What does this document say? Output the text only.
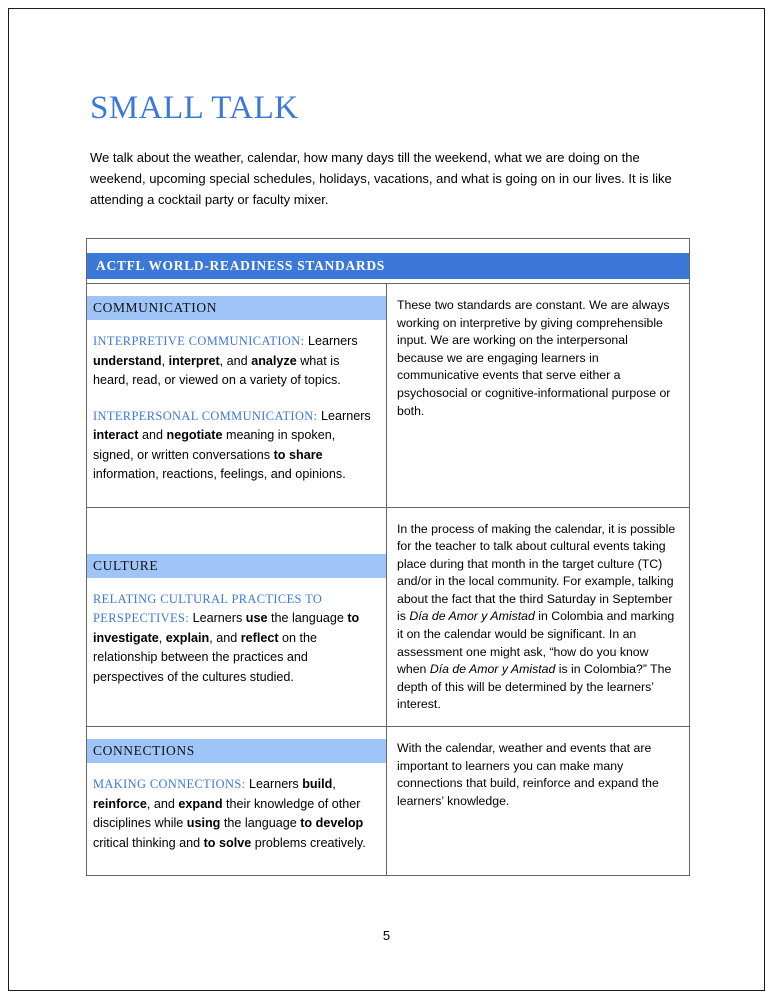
SMALL TALK

We talk about the weather, calendar, how many days till the weekend, what we are doing on the weekend, upcoming special schedules, holidays, vacations, and what is going on in our lives. It is like attending a cocktail party or faculty mixer.

ACTFL WORLD-READINESS STANDARDS
COMMUNICATION

INTERPRETIVE COMMUNICATION: Learners understand, interpret, and analyze what is heard, read, or viewed on a variety of topics.

INTERPERSONAL COMMUNICATION: Learners interact and negotiate meaning in spoken, signed, or written conversations to share information, reactions, feelings, and opinions.

These two standards are constant. We are always working on interpretive by giving comprehensible input. We are working on the interpersonal because we are engaging learners in communicative events that serve either a psychosocial or cognitive-informational purpose or both.

CULTURE

RELATING CULTURAL PRACTICES TO PERSPECTIVES: Learners use the language to investigate, explain, and reflect on the relationship between the practices and perspectives of the cultures studied.

In the process of making the calendar, it is possible for the teacher to talk about cultural events taking place during that month in the target culture (TC) and/or in the local community. For example, talking about the fact that the third Saturday in September is Día de Amor y Amistad in Colombia and marking it on the calendar would be significant. In an assessment one might ask, “how do you know when Día de Amor y Amistad is in Colombia?” The depth of this will be determined by the learners’ interest.

CONNECTIONS

MAKING CONNECTIONS: Learners build, reinforce, and expand their knowledge of other disciplines while using the language to develop critical thinking and to solve problems creatively.

With the calendar, weather and events that are important to learners you can make many connections that build, reinforce and expand the learners’ knowledge.

5
